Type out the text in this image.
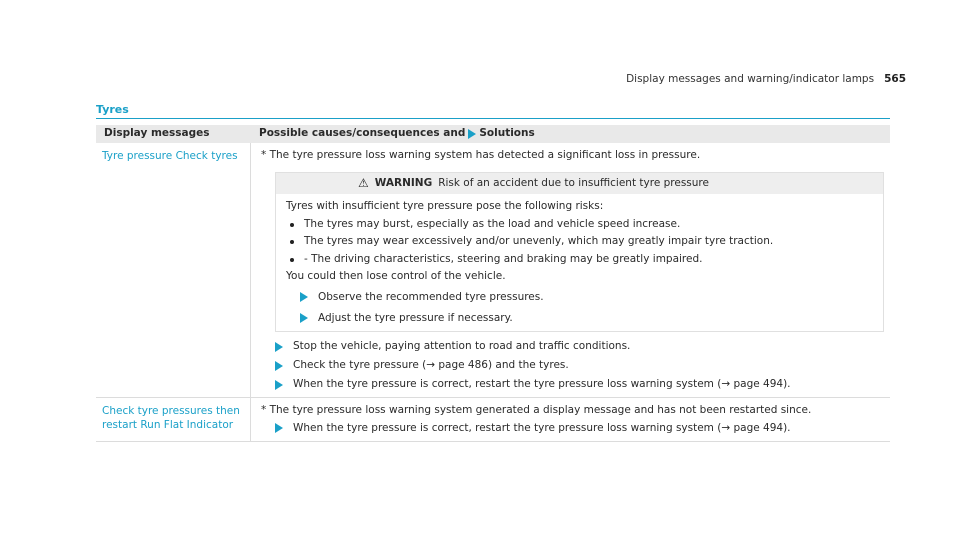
Display messages and warning/indicator lamps 565
Tyres
Display messages	Possible causes/consequences and Solutions
Tyre pressure Check tyres	* The tyre pressure loss warning system has detected a significant loss in pressure.
⚠ WARNING Risk of an accident due to insufficient tyre pressure

Tyres with insufficient tyre pressure pose the following risks:

The tyres may burst, especially as the load and vehicle speed increase.
The tyres may wear excessively and/or unevenly, which may greatly impair tyre traction.
- The driving characteristics, steering and braking may be greatly impaired.

You could then lose control of the vehicle.

Observe the recommended tyre pressures.
Adjust the tyre pressure if necessary.
Stop the vehicle, paying attention to road and traffic conditions.
Check the tyre pressure (→ page 486) and the tyres.
When the tyre pressure is correct, restart the tyre pressure loss warning system (→ page 494).
Check tyre pressures then
restart Run Flat Indicator
* The tyre pressure loss warning system generated a display message and has not been restarted since.
When the tyre pressure is correct, restart the tyre pressure loss warning system (→ page 494).
